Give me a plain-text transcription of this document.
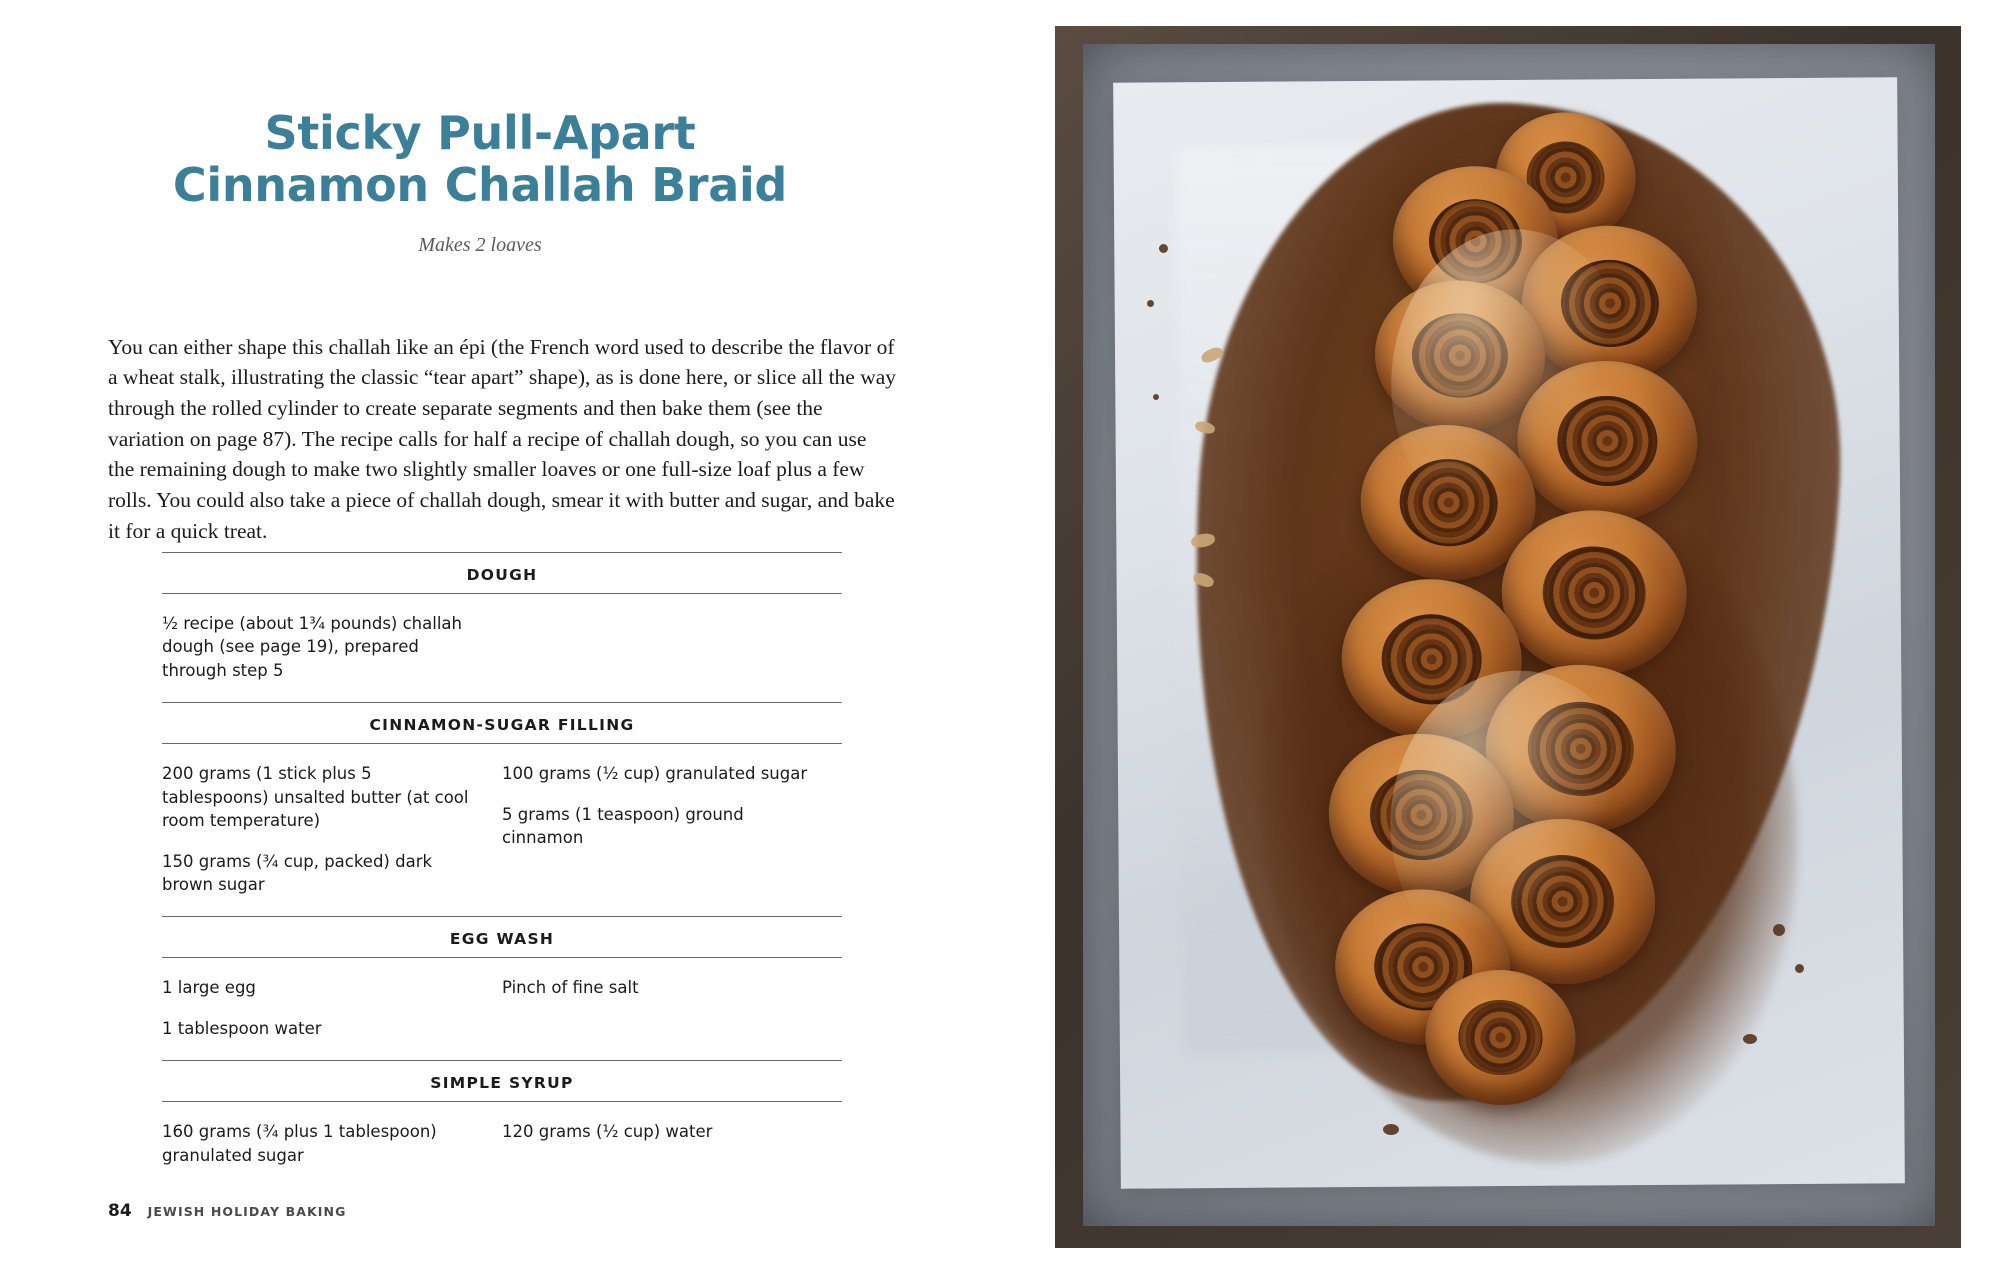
Sticky Pull-Apart
Cinnamon Challah Braid
Makes 2 loaves

You can either shape this challah like an épi (the French word used to describe the flavor of a wheat stalk, illustrating the classic “tear apart” shape), as is done here, or slice all the way through the rolled cylinder to create separate segments and then bake them (see the variation on page 87). The recipe calls for half a recipe of challah dough, so you can use the remaining dough to make two slightly smaller loaves or one full-size loaf plus a few rolls. You could also take a piece of challah dough, smear it with butter and sugar, and bake it for a quick treat.

DOUGH
½ recipe (about 1¾ pounds) challah dough (see page 19), prepared through step 5
CINNAMON-SUGAR FILLING
200 grams (1 stick plus 5 tablespoons) unsalted butter (at cool room temperature)
150 grams (¾ cup, packed) dark brown sugar
100 grams (½ cup) granulated sugar
5 grams (1 teaspoon) ground cinnamon
EGG WASH
1 large egg
1 tablespoon water
Pinch of fine salt
SIMPLE SYRUP
160 grams (¾ plus 1 tablespoon) granulated sugar
120 grams (½ cup) water
84 JEWISH HOLIDAY BAKING
